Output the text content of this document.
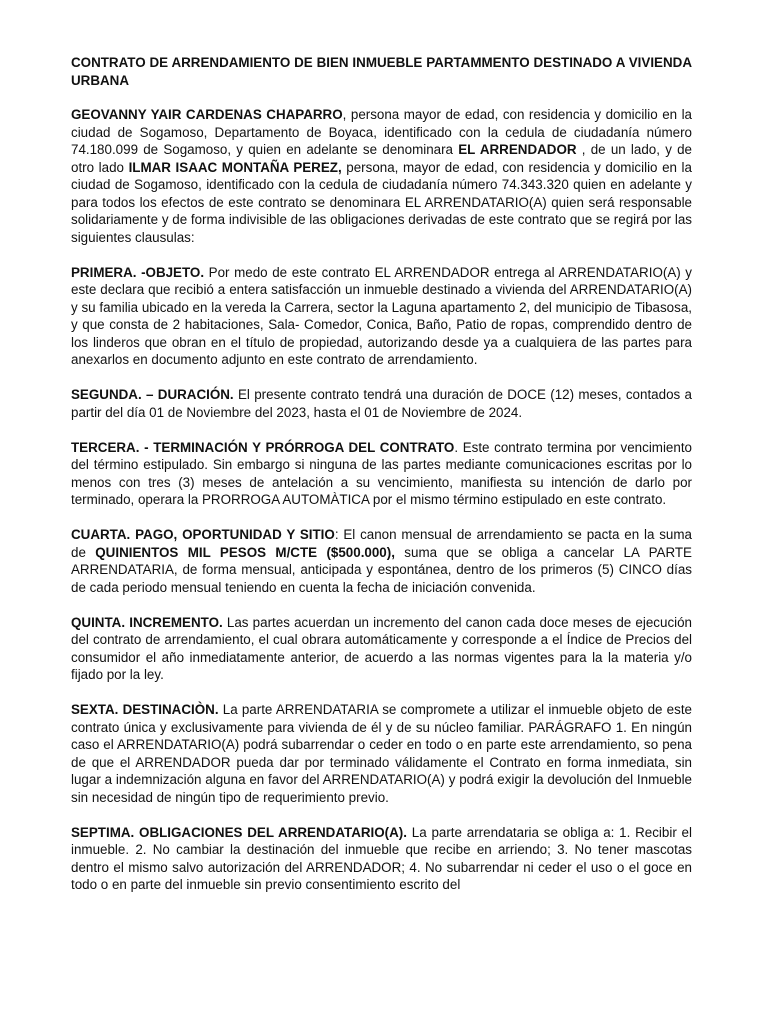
CONTRATO DE ARRENDAMIENTO DE BIEN INMUEBLE PARTAMMENTO DESTINADO A VIVIENDA URBANA

GEOVANNY YAIR CARDENAS CHAPARRO, persona mayor de edad, con residencia y domicilio en la ciudad de Sogamoso, Departamento de Boyaca, identificado con la cedula de ciudadanía número 74.180.099 de Sogamoso, y quien en adelante se denominara EL ARRENDADOR , de un lado, y de otro lado ILMAR ISAAC MONTAÑA PEREZ, persona, mayor de edad, con residencia y domicilio en la ciudad de Sogamoso, identificado con la cedula de ciudadanía número 74.343.320 quien en adelante y para todos los efectos de este contrato se denominara EL ARRENDATARIO(A) quien será responsable solidariamente y de forma indivisible de las obligaciones derivadas de este contrato que se regirá por las siguientes clausulas:

PRIMERA. -OBJETO. Por medo de este contrato EL ARRENDADOR entrega al ARRENDATARIO(A) y este declara que recibió a entera satisfacción un inmueble destinado a vivienda del ARRENDATARIO(A) y su familia ubicado en la vereda la Carrera, sector la Laguna apartamento 2, del municipio de Tibasosa, y que consta de 2 habitaciones, Sala- Comedor, Conica, Baño, Patio de ropas, comprendido dentro de los linderos que obran en el título de propiedad, autorizando desde ya a cualquiera de las partes para anexarlos en documento adjunto en este contrato de arrendamiento.

SEGUNDA. – DURACIÓN. El presente contrato tendrá una duración de DOCE (12) meses, contados a partir del día 01 de Noviembre del 2023, hasta el 01 de Noviembre de 2024.

TERCERA. - TERMINACIÓN Y PRÓRROGA DEL CONTRATO. Este contrato termina por vencimiento del término estipulado. Sin embargo si ninguna de las partes mediante comunicaciones escritas por lo menos con tres (3) meses de antelación a su vencimiento, manifiesta su intención de darlo por terminado, operara la PRORROGA AUTOMÀTICA por el mismo término estipulado en este contrato.

CUARTA. PAGO, OPORTUNIDAD Y SITIO: El canon mensual de arrendamiento se pacta en la suma de QUINIENTOS MIL PESOS M/CTE ($500.000), suma que se obliga a cancelar LA PARTE ARRENDATARIA, de forma mensual, anticipada y espontánea, dentro de los primeros (5) CINCO días de cada periodo mensual teniendo en cuenta la fecha de iniciación convenida.

QUINTA. INCREMENTO. Las partes acuerdan un incremento del canon cada doce meses de ejecución del contrato de arrendamiento, el cual obrara automáticamente y corresponde a el Índice de Precios del consumidor el año inmediatamente anterior, de acuerdo a las normas vigentes para la la materia y/o fijado por la ley.

SEXTA. DESTINACIÒN. La parte ARRENDATARIA se compromete a utilizar el inmueble objeto de este contrato única y exclusivamente para vivienda de él y de su núcleo familiar. PARÁGRAFO 1. En ningún caso el ARRENDATARIO(A) podrá subarrendar o ceder en todo o en parte este arrendamiento, so pena de que el ARRENDADOR pueda dar por terminado válidamente el Contrato en forma inmediata, sin lugar a indemnización alguna en favor del ARRENDATARIO(A) y podrá exigir la devolución del Inmueble sin necesidad de ningún tipo de requerimiento previo.

SEPTIMA. OBLIGACIONES DEL ARRENDATARIO(A). La parte arrendataria se obliga a: 1. Recibir el inmueble. 2. No cambiar la destinación del inmueble que recibe en arriendo; 3. No tener mascotas dentro el mismo salvo autorización del ARRENDADOR; 4. No subarrendar ni ceder el uso o el goce en todo o en parte del inmueble sin previo consentimiento escrito del
